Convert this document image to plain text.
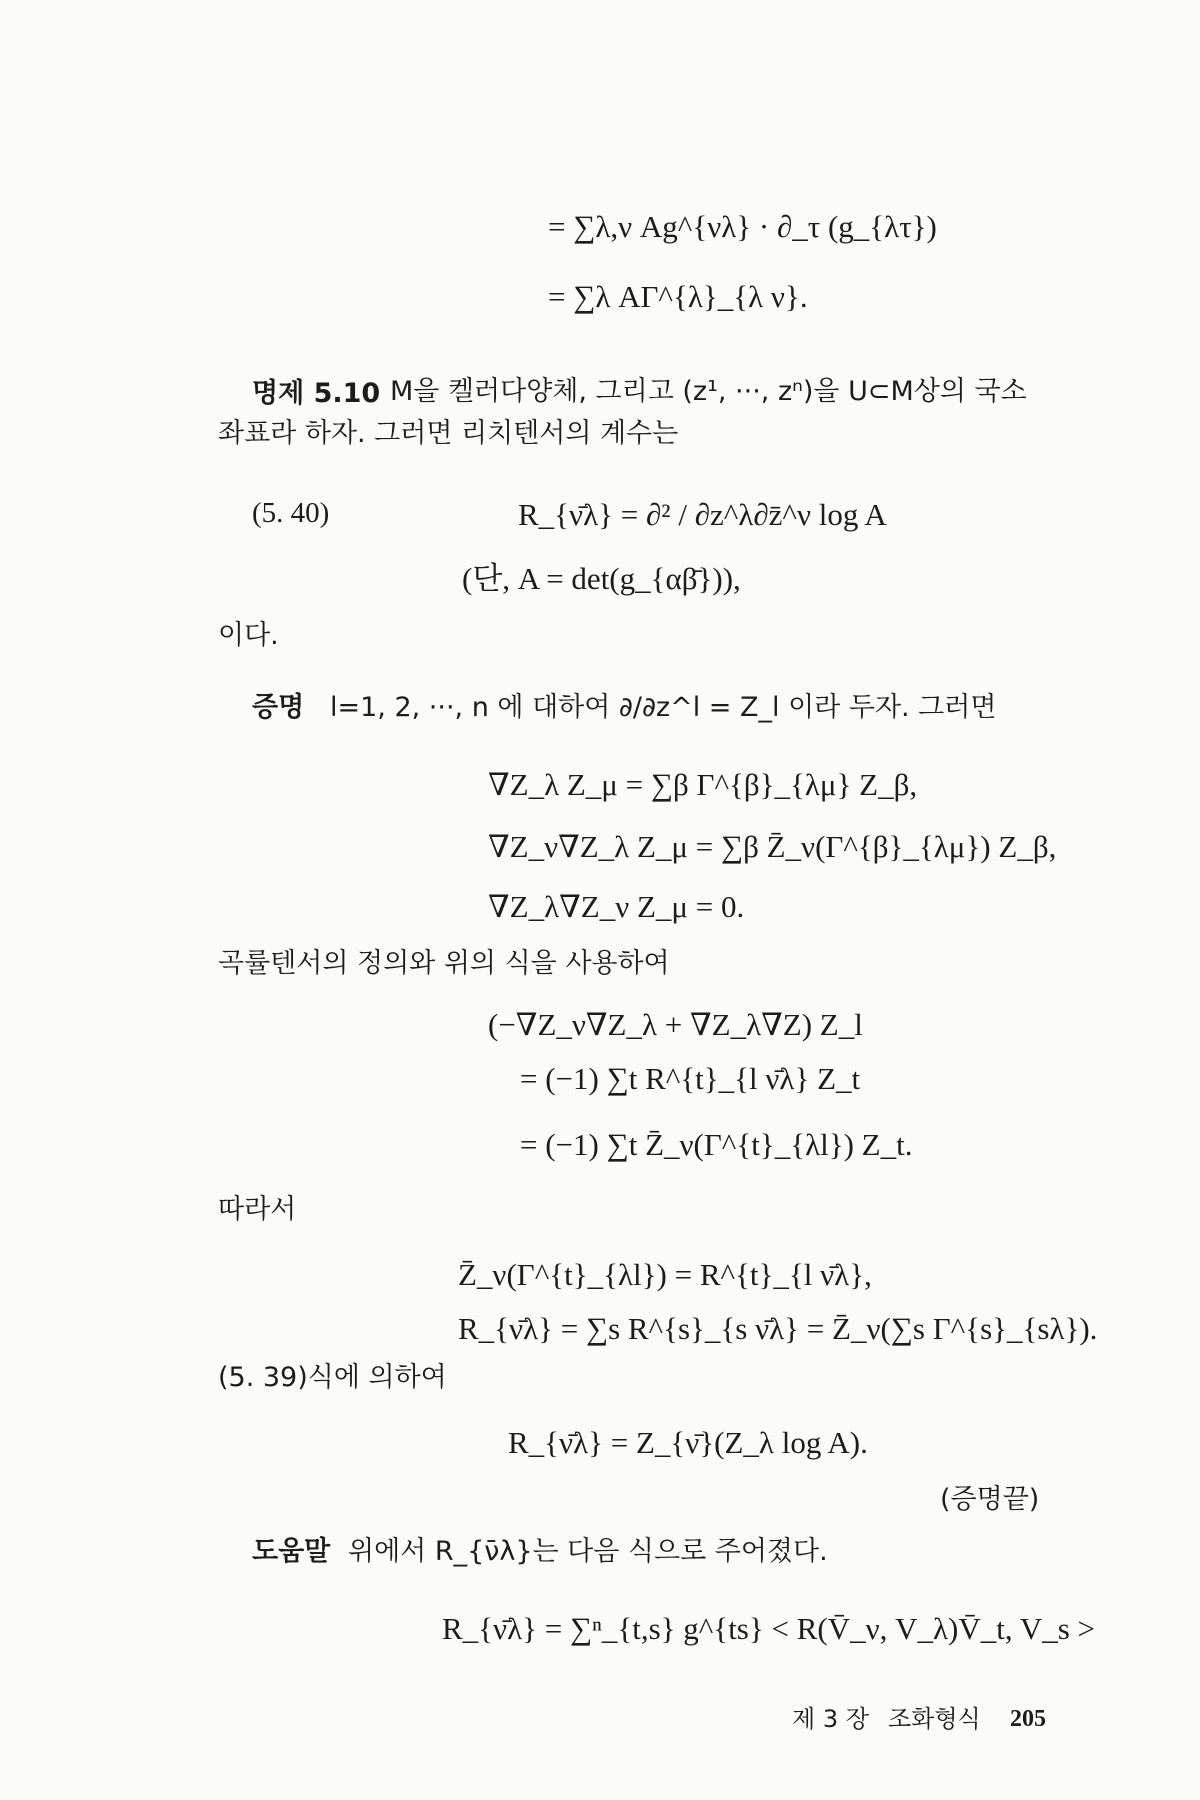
= ∑λ,ν Ag^{νλ} · ∂_τ (g_{λτ})
= ∑λ AΓ^{λ}_{λ ν}.
명제 5.10 M을 켈러다양체, 그리고 (z¹, ···, zⁿ)을 U⊂M상의 국소
좌표라 하자. 그러면 리치텐서의 계수는
(5. 40)	R_{ν̄λ} = ∂² / ∂z^λ∂z̄^ν log A
(단, A = det(g_{αβ̄})),
이다.
증명 l=1, 2, ···, n 에 대하여 ∂/∂z^l = Z_l 이라 두자. 그러면
∇Z_λ Z_μ = ∑β Γ^{β}_{λμ} Z_β,
∇Z_ν∇Z_λ Z_μ = ∑β Z̄_ν(Γ^{β}_{λμ}) Z_β,
∇Z_λ∇Z_ν Z_μ = 0.
곡률텐서의 정의와 위의 식을 사용하여
(−∇Z_ν∇Z_λ + ∇Z_λ∇Z) Z_l
= (−1) ∑t R^{t}_{l ν̄λ} Z_t
= (−1) ∑t Z̄_ν(Γ^{t}_{λl}) Z_t.
따라서
Z̄_ν(Γ^{t}_{λl}) = R^{t}_{l ν̄λ},
R_{ν̄λ} = ∑s R^{s}_{s ν̄λ} = Z̄_ν(∑s Γ^{s}_{sλ}).
(5. 39)식에 의하여
R_{ν̄λ} = Z_{ν̄}(Z_λ log A).
(증명끝)
도움말 위에서 R_{ν̄λ}는 다음 식으로 주어졌다.
R_{ν̄λ} = ∑ⁿ_{t,s} g^{ts} < R(V̄_ν, V_λ)V̄_t, V_s >
제 3 장 조화형식 205
